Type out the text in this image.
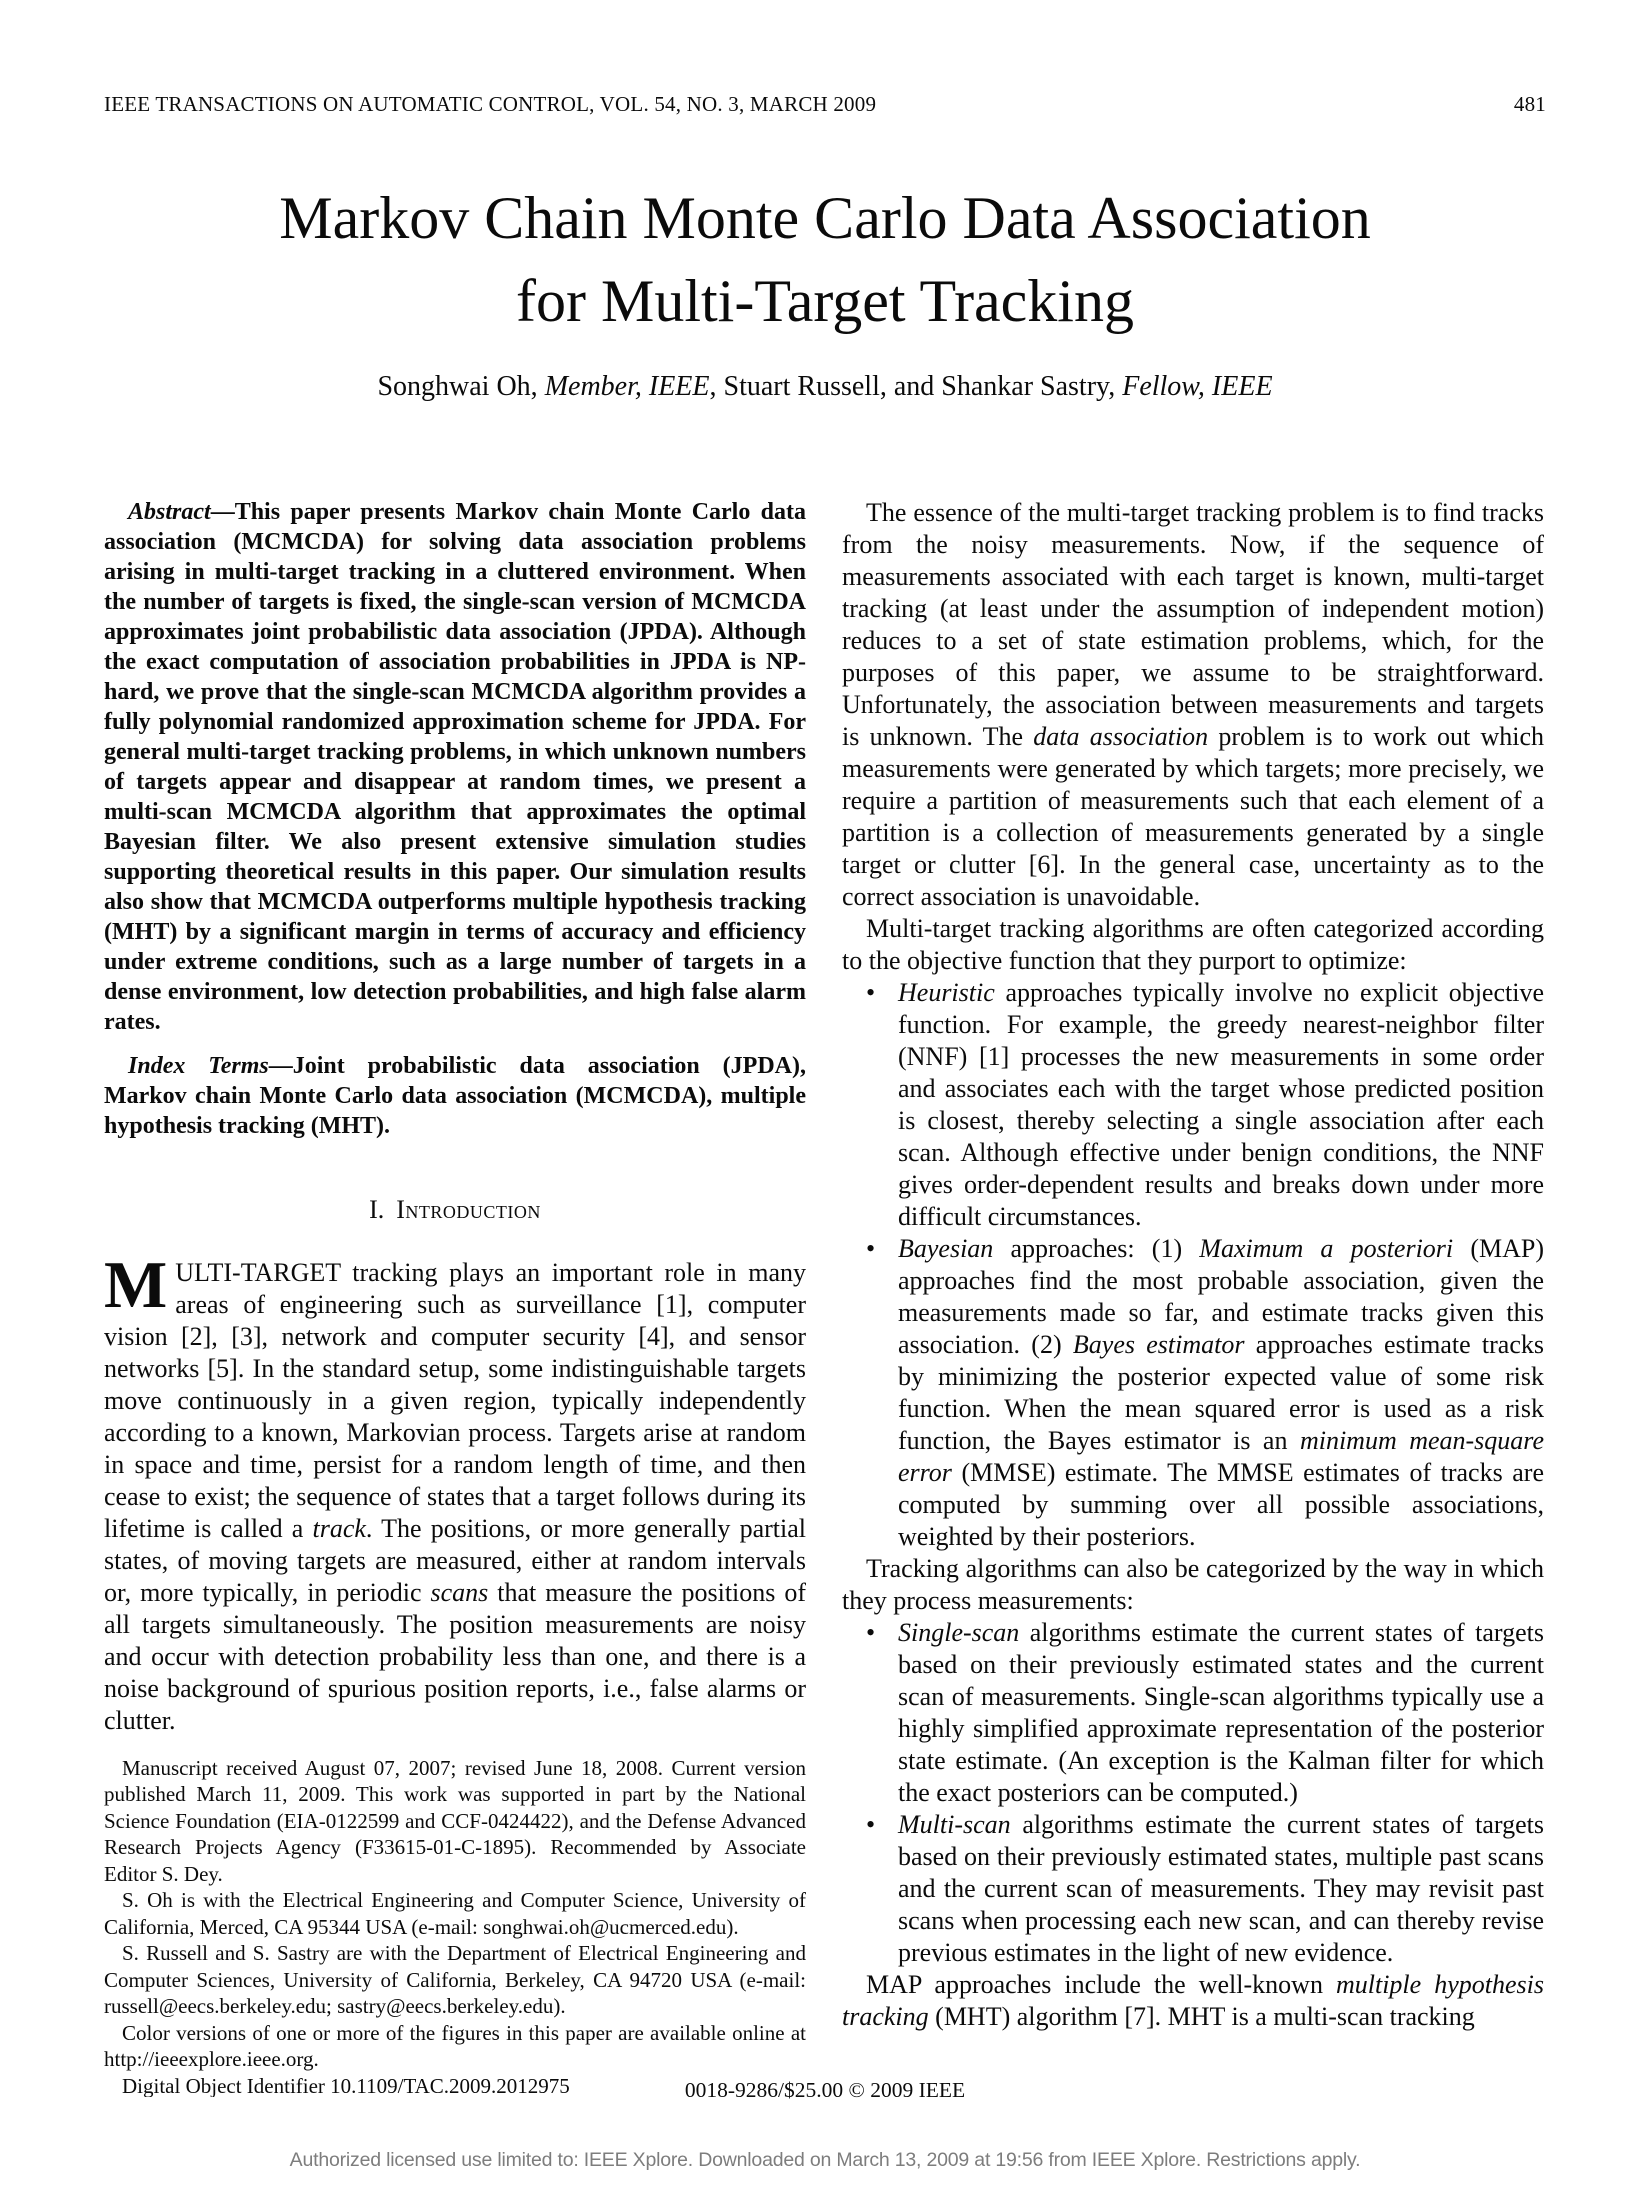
IEEE TRANSACTIONS ON AUTOMATIC CONTROL, VOL. 54, NO. 3, MARCH 2009	481
Markov Chain Monte Carlo Data Association
for Multi-Target Tracking
Songhwai Oh, Member, IEEE, Stuart Russell, and Shankar Sastry, Fellow, IEEE

Abstract—This paper presents Markov chain Monte Carlo data association (MCMCDA) for solving data association problems arising in multi-target tracking in a cluttered environment. When the number of targets is fixed, the single-scan version of MCMCDA approximates joint probabilistic data association (JPDA). Although the exact computation of association probabilities in JPDA is NP-hard, we prove that the single-scan MCMCDA algorithm provides a fully polynomial randomized approximation scheme for JPDA. For general multi-target tracking problems, in which unknown numbers of targets appear and disappear at random times, we present a multi-scan MCMCDA algorithm that approximates the optimal Bayesian filter. We also present extensive simulation studies supporting theoretical results in this paper. Our simulation results also show that MCMCDA outperforms multiple hypothesis tracking (MHT) by a significant margin in terms of accuracy and efficiency under extreme conditions, such as a large number of targets in a dense environment, low detection probabilities, and high false alarm rates.

Index Terms—Joint probabilistic data association (JPDA), Markov chain Monte Carlo data association (MCMCDA), multiple hypothesis tracking (MHT).

I. Introduction

MULTI-TARGET tracking plays an important role in many areas of engineering such as surveillance [1], computer vision [2], [3], network and computer security [4], and sensor networks [5]. In the standard setup, some indistinguishable targets move continuously in a given region, typically independently according to a known, Markovian process. Targets arise at random in space and time, persist for a random length of time, and then cease to exist; the sequence of states that a target follows during its lifetime is called a track. The positions, or more generally partial states, of moving targets are measured, either at random intervals or, more typically, in periodic scans that measure the positions of all targets simultaneously. The position measurements are noisy and occur with detection probability less than one, and there is a noise background of spurious position reports, i.e., false alarms or clutter.

Manuscript received August 07, 2007; revised June 18, 2008. Current version published March 11, 2009. This work was supported in part by the National Science Foundation (EIA-0122599 and CCF-0424422), and the Defense Advanced Research Projects Agency (F33615-01-C-1895). Recommended by Associate Editor S. Dey.

S. Oh is with the Electrical Engineering and Computer Science, University of California, Merced, CA 95344 USA (e-mail: songhwai.oh@ucmerced.edu).

S. Russell and S. Sastry are with the Department of Electrical Engineering and Computer Sciences, University of California, Berkeley, CA 94720 USA (e-mail: russell@eecs.berkeley.edu; sastry@eecs.berkeley.edu).

Color versions of one or more of the figures in this paper are available online at http://ieeexplore.ieee.org.

Digital Object Identifier 10.1109/TAC.2009.2012975

The essence of the multi-target tracking problem is to find tracks from the noisy measurements. Now, if the sequence of measurements associated with each target is known, multi-target tracking (at least under the assumption of independent motion) reduces to a set of state estimation problems, which, for the purposes of this paper, we assume to be straightforward. Unfortunately, the association between measurements and targets is unknown. The data association problem is to work out which measurements were generated by which targets; more precisely, we require a partition of measurements such that each element of a partition is a collection of measurements generated by a single target or clutter [6]. In the general case, uncertainty as to the correct association is unavoidable.

Multi-target tracking algorithms are often categorized according to the objective function that they purport to optimize:

• Heuristic approaches typically involve no explicit objective function. For example, the greedy nearest-neighbor filter (NNF) [1] processes the new measurements in some order and associates each with the target whose predicted position is closest, thereby selecting a single association after each scan. Although effective under benign conditions, the NNF gives order-dependent results and breaks down under more difficult circumstances.
• Bayesian approaches: (1) Maximum a posteriori (MAP) approaches find the most probable association, given the measurements made so far, and estimate tracks given this association. (2) Bayes estimator approaches estimate tracks by minimizing the posterior expected value of some risk function. When the mean squared error is used as a risk function, the Bayes estimator is an minimum mean-square error (MMSE) estimate. The MMSE estimates of tracks are computed by summing over all possible associations, weighted by their posteriors.

Tracking algorithms can also be categorized by the way in which they process measurements:

• Single-scan algorithms estimate the current states of targets based on their previously estimated states and the current scan of measurements. Single-scan algorithms typically use a highly simplified approximate representation of the posterior state estimate. (An exception is the Kalman filter for which the exact posteriors can be computed.)
• Multi-scan algorithms estimate the current states of targets based on their previously estimated states, multiple past scans and the current scan of measurements. They may revisit past scans when processing each new scan, and can thereby revise previous estimates in the light of new evidence.

MAP approaches include the well-known multiple hypothesis tracking (MHT) algorithm [7]. MHT is a multi-scan tracking

0018-9286/$25.00 © 2009 IEEE
Authorized licensed use limited to: IEEE Xplore. Downloaded on March 13, 2009 at 19:56 from IEEE Xplore. Restrictions apply.
